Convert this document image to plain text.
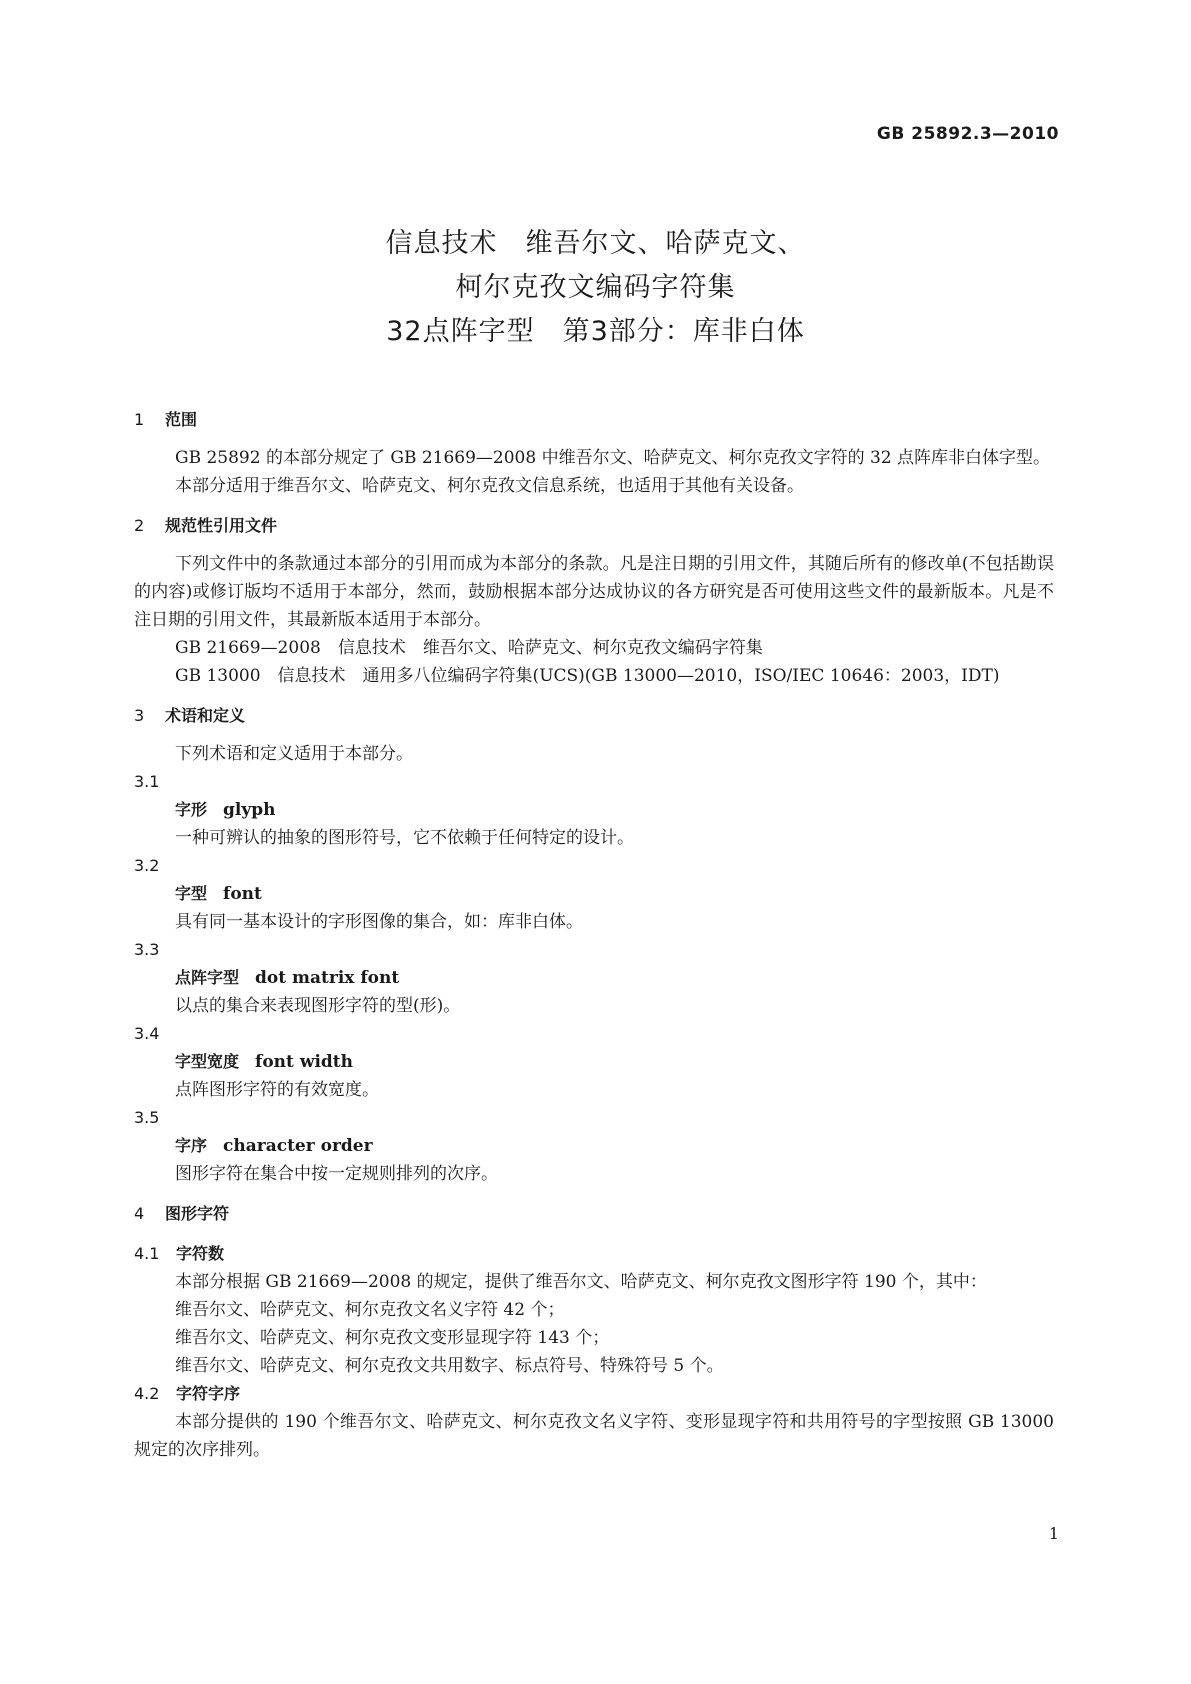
GB 25892.3—2010
信息技术　维吾尔文、哈萨克文、
柯尔克孜文编码字符集
32点阵字型　第3部分：库非白体

1 范围

GB 25892 的本部分规定了 GB 21669—2008 中维吾尔文、哈萨克文、柯尔克孜文字符的 32 点阵库非白体字型。

本部分适用于维吾尔文、哈萨克文、柯尔克孜文信息系统，也适用于其他有关设备。

2 规范性引用文件

下列文件中的条款通过本部分的引用而成为本部分的条款。凡是注日期的引用文件，其随后所有的修改单(不包括勘误的内容)或修订版均不适用于本部分，然而，鼓励根据本部分达成协议的各方研究是否可使用这些文件的最新版本。凡是不注日期的引用文件，其最新版本适用于本部分。

GB 21669—2008　信息技术　维吾尔文、哈萨克文、柯尔克孜文编码字符集

GB 13000　信息技术　通用多八位编码字符集(UCS)(GB 13000—2010，ISO/IEC 10646：2003，IDT)

3 术语和定义

下列术语和定义适用于本部分。

3.1

字形　 glyph

一种可辨认的抽象的图形符号，它不依赖于任何特定的设计。

3.2

字型　 font

具有同一基本设计的字形图像的集合，如：库非白体。

3.3

点阵字型　 dot matrix font

以点的集合来表现图形字符的型(形)。

3.4

字型宽度　 font width

点阵图形字符的有效宽度。

3.5

字序　 character order

图形字符在集合中按一定规则排列的次序。

4 图形字符

4.1 字符数

本部分根据 GB 21669—2008 的规定，提供了维吾尔文、哈萨克文、柯尔克孜文图形字符 190 个，其中：

维吾尔文、哈萨克文、柯尔克孜文名义字符 42 个；

维吾尔文、哈萨克文、柯尔克孜文变形显现字符 143 个；

维吾尔文、哈萨克文、柯尔克孜文共用数字、标点符号、特殊符号 5 个。

4.2 字符字序

本部分提供的 190 个维吾尔文、哈萨克文、柯尔克孜文名义字符、变形显现字符和共用符号的字型按照 GB 13000 规定的次序排列。

1
